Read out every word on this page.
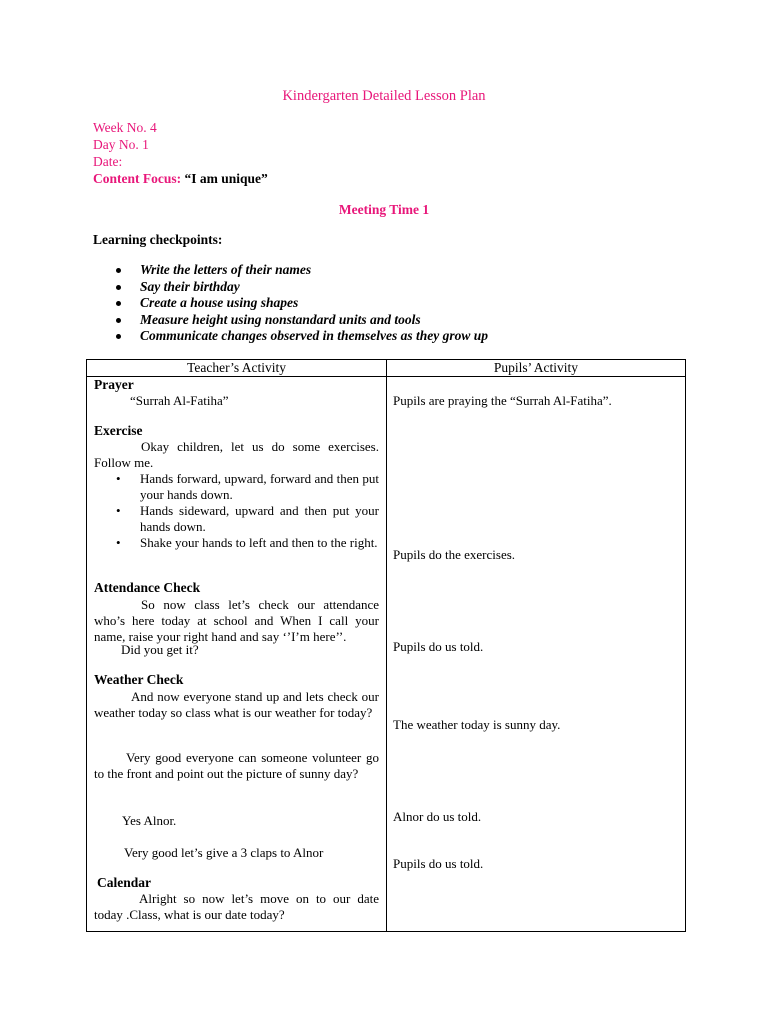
Kindergarten Detailed Lesson Plan
Week No. 4
Day No. 1
Date:
Content Focus: “I am unique”
Meeting Time 1
Learning checkpoints:
Write the letters of their names
Say their birthday
Create a house using shapes
Measure height using nonstandard units and tools
Communicate changes observed in themselves as they grow up
Teacher’s Activity	Pupils’ Activity
Prayer
“Surrah Al-Fatiha”
Exercise
Okay children, let us do some exercises. Follow me.
• Hands forward, upward, forward and then put your hands down.
• Hands sideward, upward and then put your hands down.
• Shake your hands to left and then to the right.
Attendance Check
So now class let’s check our attendance who’s here today at school and When I call your name, raise your right hand and say ‘’I’m here’’.
Did you get it?
Weather Check
And now everyone stand up and lets check our weather today so class what is our weather for today?
Very good everyone can someone volunteer go to the front and point out the picture of sunny day?
Yes Alnor.
Very good let’s give a 3 claps to Alnor
Calendar
Alright so now let’s move on to our date today .Class, what is our date today?
Pupils are praying the “Surrah Al-Fatiha”.
Pupils do the exercises.
Pupils do us told.
The weather today is sunny day.
Alnor do us told.
Pupils do us told.
